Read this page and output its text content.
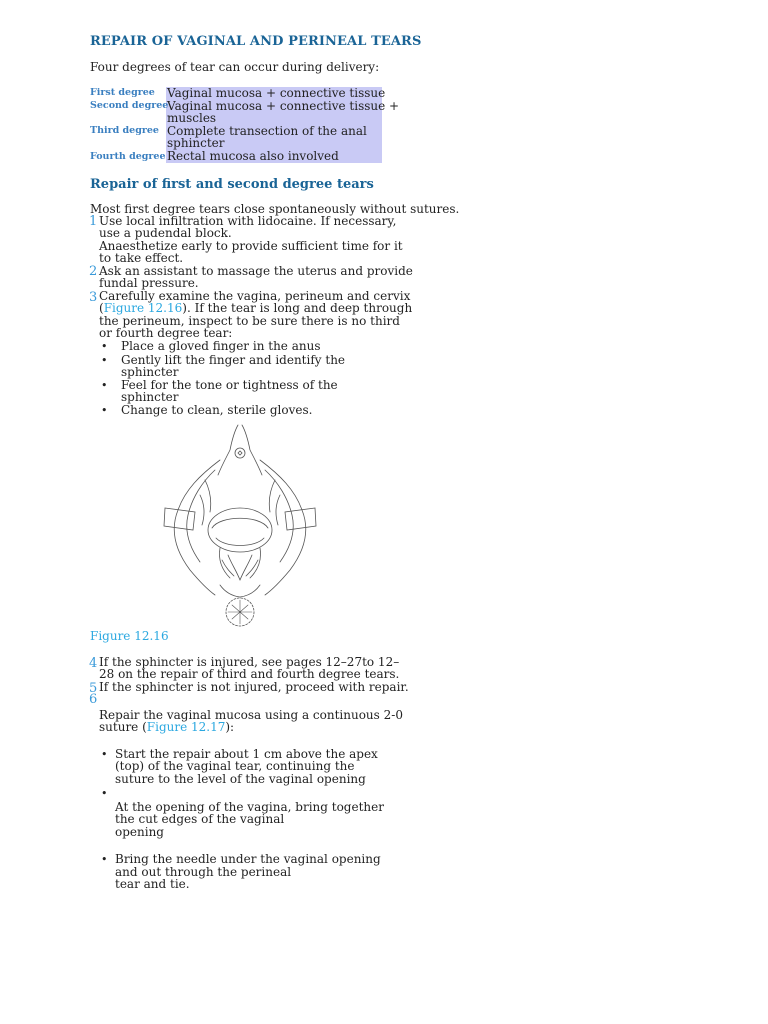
REPAIR OF VAGINAL AND PERINEAL TEARS
Four degrees of tear can occur during delivery:
First degree Vaginal mucosa + connective tissue
Second degree
Vaginal mucosa + connective tissue +
muscles
Third degree Complete transection of the anal
sphincter
Fourth degree Rectal mucosa also involved
Repair of first and second degree tears
Most first degree tears close spontaneously without sutures.
1 Use local infiltration with lidocaine. If necessary,
use a pudendal block.
Anaesthetize early to provide sufficient time for it
to take effect.
2 Ask an assistant to massage the uterus and provide
fundal pressure.
3 Carefully examine the vagina, perineum and cervix
(Figure 12.16). If the tear is long and deep through
the perineum, inspect to be sure there is no third
or fourth degree tear:
• Place a gloved finger in the anus
• Gently lift the finger and identify the
sphincter
• Feel for the tone or tightness of the
sphincter
• Change to clean, sterile gloves.
Figure 12.16
4 If the sphincter is injured, see pages 12–27to 12–
28 on the repair of third and fourth degree tears.
5 If the sphincter is not injured, proceed with repair.
6
Repair the vaginal mucosa using a continuous 2-0
suture (Figure 12.17):
• Start the repair about 1 cm above the apex
(top) of the vaginal tear, continuing the
suture to the level of the vaginal opening
•
At the opening of the vagina, bring together
the cut edges of the vaginal
opening
• Bring the needle under the vaginal opening
and out through the perineal
tear and tie.
